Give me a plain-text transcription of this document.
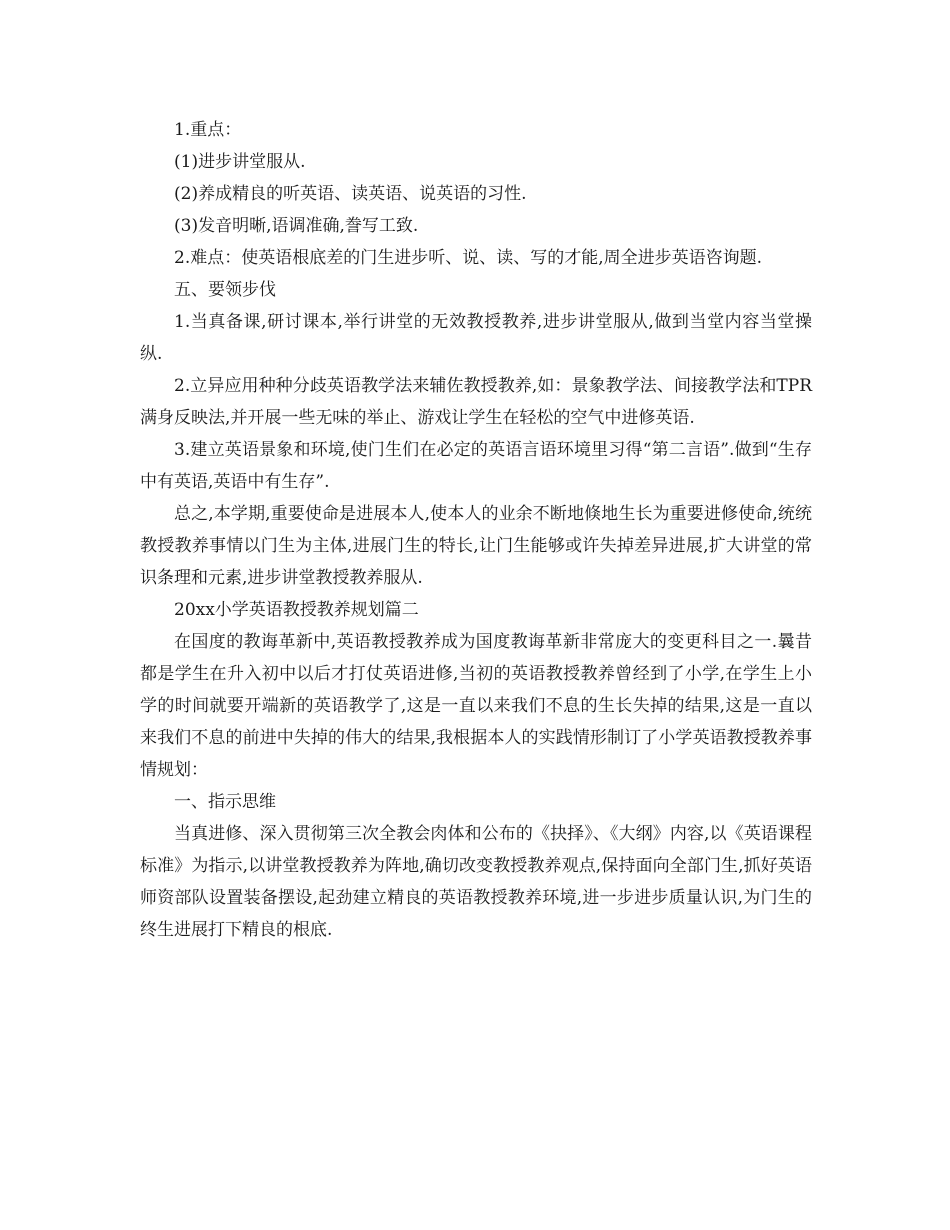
1.重点：

(1)进步讲堂服从.

(2)养成精良的听英语、读英语、说英语的习性.

(3)发音明晰,语调准确,誊写工致.

2.难点：使英语根底差的门生进步听、说、读、写的才能,周全进步英语咨询题.

五、要领步伐

1.当真备课,研讨课本,举行讲堂的无效教授教养,进步讲堂服从,做到当堂内容当堂操纵.

2.立异应用种种分歧英语教学法来辅佐教授教养,如：景象教学法、间接教学法和TPR满身反映法,并开展一些无味的举止、游戏让学生在轻松的空气中进修英语.

3.建立英语景象和环境,使门生们在必定的英语言语环境里习得“第二言语”.做到“生存中有英语,英语中有生存”.

总之,本学期,重要使命是进展本人,使本人的业余不断地倏地生长为重要进修使命,统统教授教养事情以门生为主体,进展门生的特长,让门生能够或许失掉差异进展,扩大讲堂的常识条理和元素,进步讲堂教授教养服从.

20xx小学英语教授教养规划篇二

在国度的教诲革新中,英语教授教养成为国度教诲革新非常庞大的变更科目之一.曩昔都是学生在升入初中以后才打仗英语进修,当初的英语教授教养曾经到了小学,在学生上小学的时间就要开端新的英语教学了,这是一直以来我们不息的生长失掉的结果,这是一直以来我们不息的前进中失掉的伟大的结果,我根据本人的实践情形制订了小学英语教授教养事情规划：

一、指示思维

当真进修、深入贯彻第三次全教会肉体和公布的《抉择》、《大纲》内容,以《英语课程标准》为指示,以讲堂教授教养为阵地,确切改变教授教养观点,保持面向全部门生,抓好英语师资部队设置装备摆设,起劲建立精良的英语教授教养环境,进一步进步质量认识,为门生的终生进展打下精良的根底.
